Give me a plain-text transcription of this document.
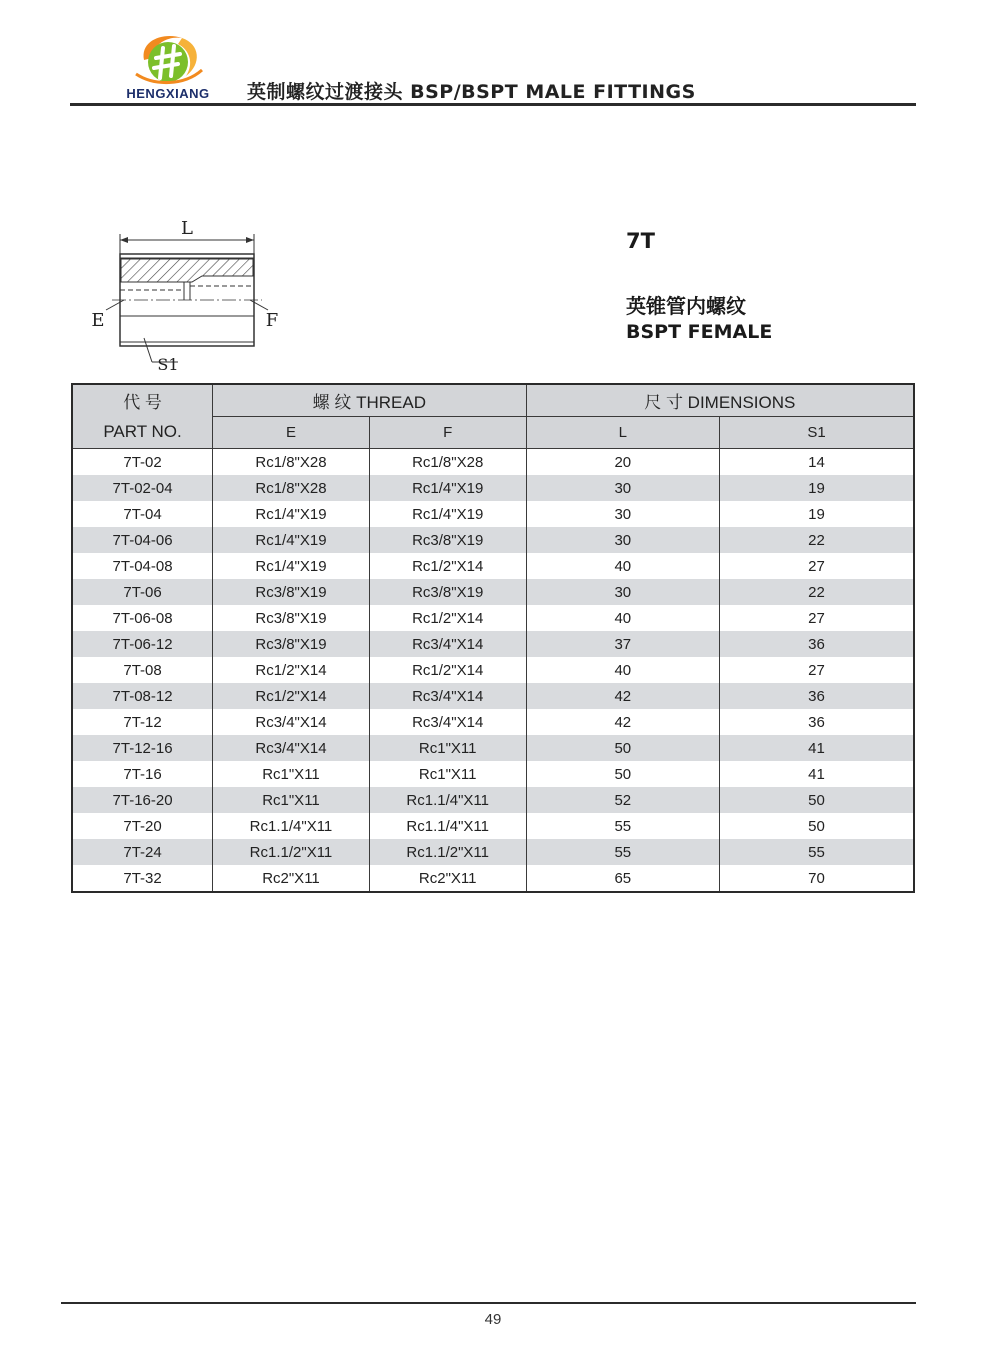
HENGXIANG	英制螺纹过渡接头 BSP/BSPT MALE FITTINGS
L
E	F
S1
7T
英锥管内螺纹
BSPT FEMALE
代 号	螺 纹 THREAD		尺 寸 DIMENSIONS	
PART NO.	E	F	L	S1
7T-02	Rc1/8"X28	Rc1/8"X28	20	14
7T-02-04	Rc1/8"X28	Rc1/4"X19	30	19
7T-04	Rc1/4"X19	Rc1/4"X19	30	19
7T-04-06	Rc1/4"X19	Rc3/8"X19	30	22
7T-04-08	Rc1/4"X19	Rc1/2"X14	40	27
7T-06	Rc3/8"X19	Rc3/8"X19	30	22
7T-06-08	Rc3/8"X19	Rc1/2"X14	40	27
7T-06-12	Rc3/8"X19	Rc3/4"X14	37	36
7T-08	Rc1/2"X14	Rc1/2"X14	40	27
7T-08-12	Rc1/2"X14	Rc3/4"X14	42	36
7T-12	Rc3/4"X14	Rc3/4"X14	42	36
7T-12-16	Rc3/4"X14	Rc1"X11	50	41
7T-16	Rc1"X11	Rc1"X11	50	41
7T-16-20	Rc1"X11	Rc1.1/4"X11	52	50
7T-20	Rc1.1/4"X11	Rc1.1/4"X11	55	50
7T-24	Rc1.1/2"X11	Rc1.1/2"X11	55	55
7T-32	Rc2"X11	Rc2"X11	65	70
49
